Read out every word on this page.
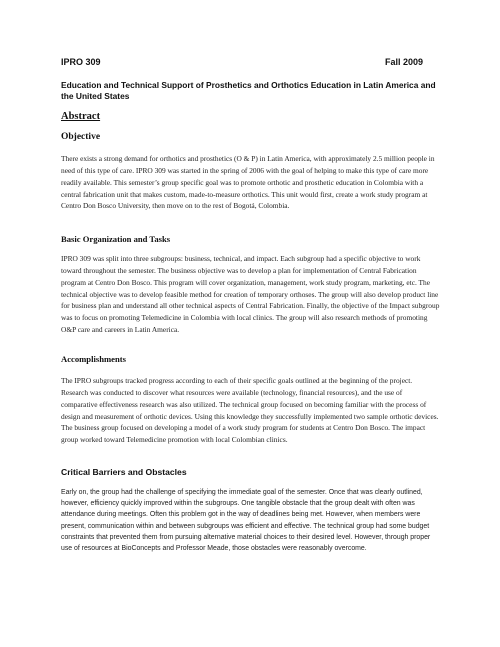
IPRO 309	Fall 2009
Education and Technical Support of Prosthetics and Orthotics Education in Latin America and the United States
Abstract
Objective
There exists a strong demand for orthotics and prosthetics (O & P) in Latin America, with approximately 2.5 million people in need of this type of care. IPRO 309 was started in the spring of 2006 with the goal of helping to make this type of care more readily available. This semester’s group specific goal was to promote orthotic and prosthetic education in Colombia with a central fabrication unit that makes custom, made-to-measure orthotics. This unit would first, create a work study program at Centro Don Bosco University, then move on to the rest of Bogotá, Colombia.
Basic Organization and Tasks
IPRO 309 was split into three subgroups: business, technical, and impact. Each subgroup had a specific objective to work toward throughout the semester. The business objective was to develop a plan for implementation of Central Fabrication program at Centro Don Bosco. This program will cover organization, management, work study program, marketing, etc. The technical objective was to develop feasible method for creation of temporary orthoses. The group will also develop product line for business plan and understand all other technical aspects of Central Fabrication. Finally, the objective of the Impact subgroup was to focus on promoting Telemedicine in Colombia with local clinics. The group will also research methods of promoting O&P care and careers in Latin America.
Accomplishments
The IPRO subgroups tracked progress according to each of their specific goals outlined at the beginning of the project. Research was conducted to discover what resources were available (technology, financial resources), and the use of comparative effectiveness research was also utilized. The technical group focused on becoming familiar with the process of design and measurement of orthotic devices. Using this knowledge they successfully implemented two sample orthotic devices. The business group focused on developing a model of a work study program for students at Centro Don Bosco. The impact group worked toward Telemedicine promotion with local Colombian clinics.
Critical Barriers and Obstacles
Early on, the group had the challenge of specifying the immediate goal of the semester. Once that was clearly outlined, however, efficiency quickly improved within the subgroups. One tangible obstacle that the group dealt with often was attendance during meetings. Often this problem got in the way of deadlines being met. However, when members were present, communication within and between subgroups was efficient and effective. The technical group had some budget constraints that prevented them from pursuing alternative material choices to their desired level. However, through proper use of resources at BioConcepts and Professor Meade, those obstacles were reasonably overcome.
